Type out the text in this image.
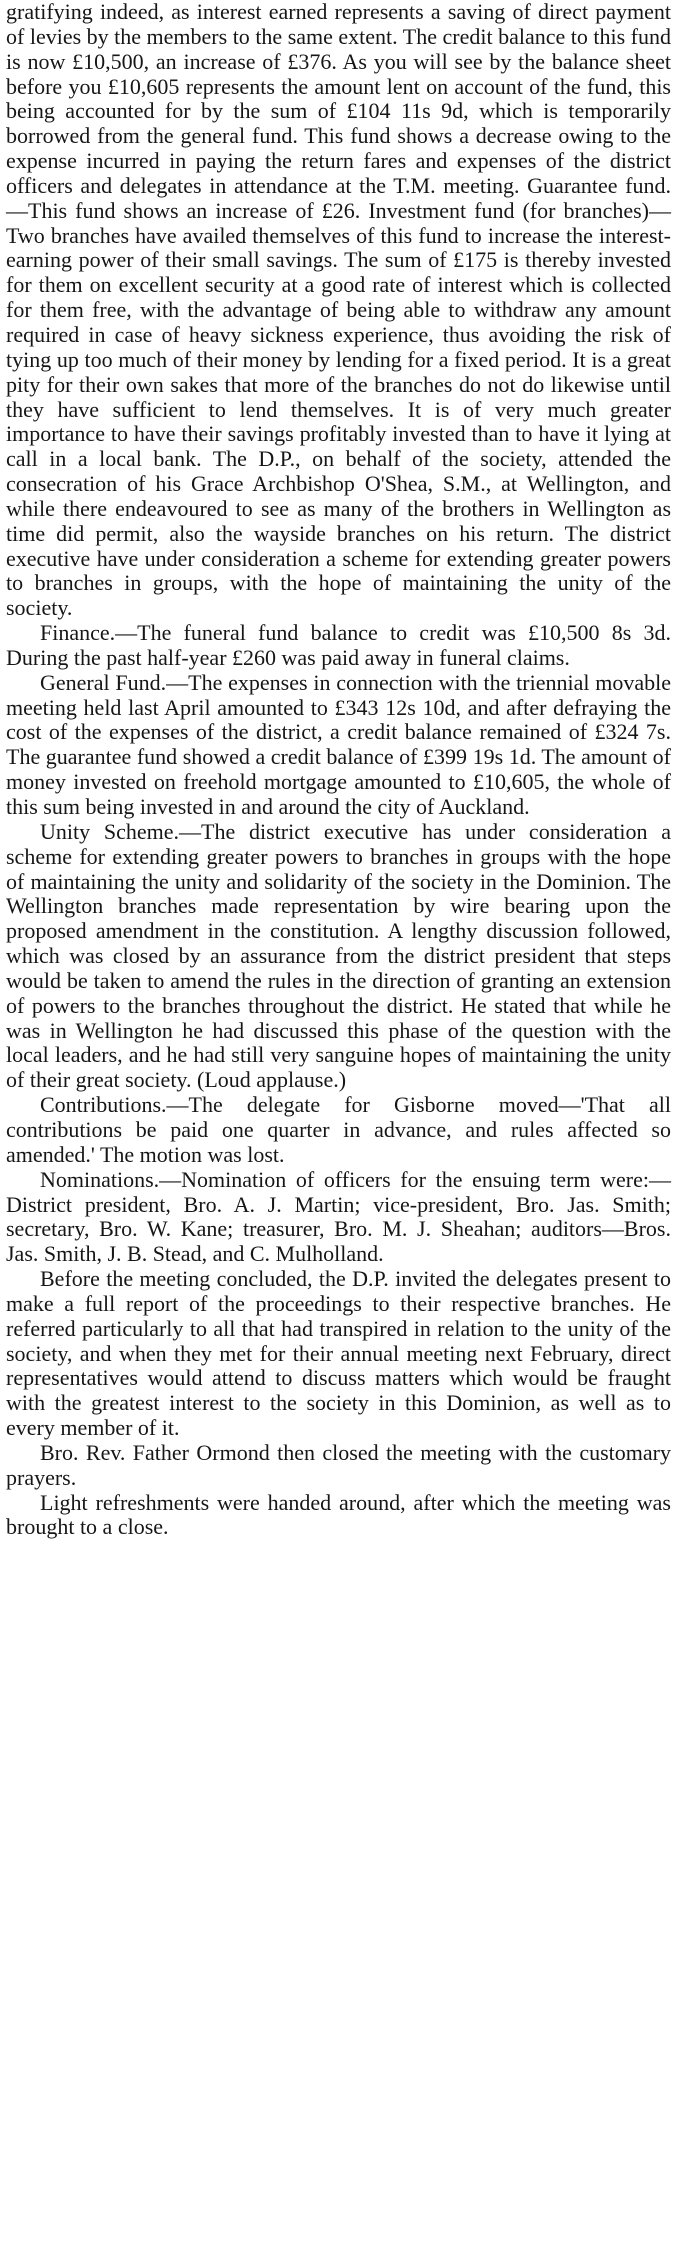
gratifying indeed, as interest earned represents a saving of direct payment of levies by the members to the same extent. The credit balance to this fund is now £10,500, an increase of £376. As you will see by the balance sheet before you £10,605 represents the amount lent on account of the fund, this being accounted for by the sum of £104 11s 9d, which is temporarily borrowed from the general fund. This fund shows a decrease owing to the expense incurred in paying the return fares and expenses of the district officers and delegates in attendance at the T.M. meeting. Guarantee fund.—This fund shows an increase of £26. Investment fund (for branches)—Two branches have availed themselves of this fund to increase the interest-earning power of their small savings. The sum of £175 is thereby invested for them on excellent security at a good rate of interest which is collected for them free, with the advantage of being able to withdraw any amount required in case of heavy sickness experience, thus avoiding the risk of tying up too much of their money by lending for a fixed period. It is a great pity for their own sakes that more of the branches do not do likewise until they have sufficient to lend themselves. It is of very much greater importance to have their savings profitably invested than to have it lying at call in a local bank. The D.P., on behalf of the society, attended the consecration of his Grace Archbishop O'Shea, S.M., at Wellington, and while there endeavoured to see as many of the brothers in Wellington as time did permit, also the wayside branches on his return. The district executive have under consideration a scheme for extending greater powers to branches in groups, with the hope of maintaining the unity of the society.

Finance.—The funeral fund balance to credit was £10,500 8s 3d. During the past half-year £260 was paid away in funeral claims.

General Fund.—The expenses in connection with the triennial movable meeting held last April amounted to £343 12s 10d, and after defraying the cost of the expenses of the district, a credit balance remained of £324 7s. The guarantee fund showed a credit balance of £399 19s 1d. The amount of money invested on freehold mortgage amounted to £10,605, the whole of this sum being invested in and around the city of Auckland.

Unity Scheme.—The district executive has under consideration a scheme for extending greater powers to branches in groups with the hope of maintaining the unity and solidarity of the society in the Dominion. The Wellington branches made representation by wire bearing upon the proposed amendment in the constitution. A lengthy discussion followed, which was closed by an assurance from the district president that steps would be taken to amend the rules in the direction of granting an extension of powers to the branches throughout the district. He stated that while he was in Wellington he had discussed this phase of the question with the local leaders, and he had still very sanguine hopes of maintaining the unity of their great society. (Loud applause.)

Contributions.—The delegate for Gisborne moved—'That all contributions be paid one quarter in advance, and rules affected so amended.' The motion was lost.

Nominations.—Nomination of officers for the ensuing term were:—District president, Bro. A. J. Martin; vice-president, Bro. Jas. Smith; secretary, Bro. W. Kane; treasurer, Bro. M. J. Sheahan; auditors—Bros. Jas. Smith, J. B. Stead, and C. Mulholland.

Before the meeting concluded, the D.P. invited the delegates present to make a full report of the proceedings to their respective branches. He referred particularly to all that had transpired in relation to the unity of the society, and when they met for their annual meeting next February, direct representatives would attend to discuss matters which would be fraught with the greatest interest to the society in this Dominion, as well as to every member of it.

Bro. Rev. Father Ormond then closed the meeting with the customary prayers.

Light refreshments were handed around, after which the meeting was brought to a close.
